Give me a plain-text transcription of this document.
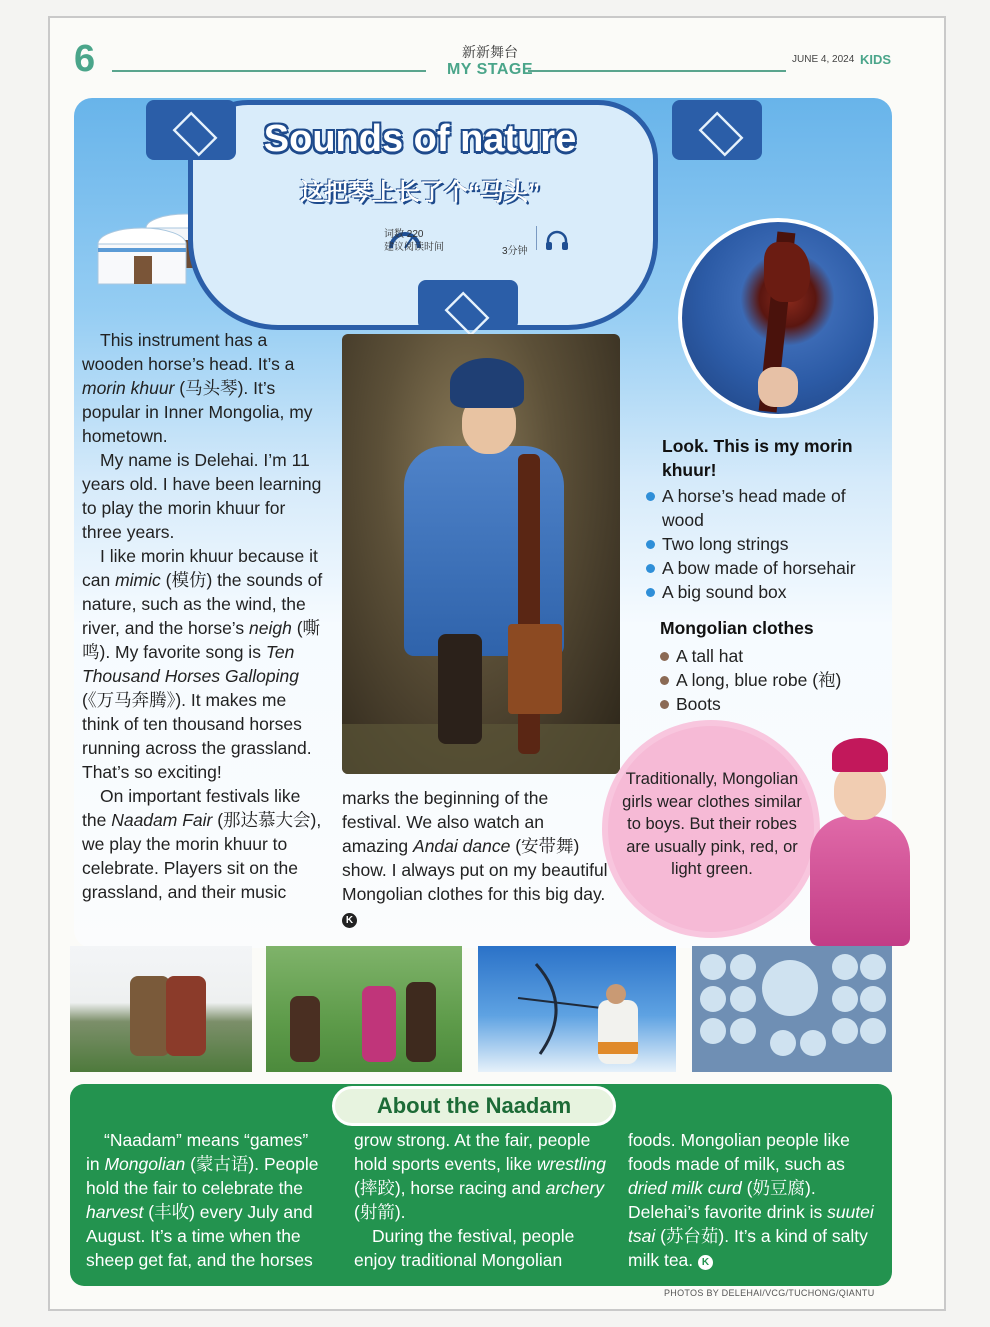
6	新新舞台
MY STAGE
JUNE 4, 2024 KIDS
Sounds of nature
这把琴上长了个“马头”
词数 220
建议阅读时间	3分钟

This instrument has a wooden horse’s head. It’s a morin khuur (马头琴). It’s popular in Inner Mongolia, my hometown.

My name is Delehai. I’m 11 years old. I have been learning to play the morin khuur for three years.

I like morin khuur because it can mimic (模仿) the sounds of nature, such as the wind, the river, and the horse’s neigh (嘶鸣). My favorite song is Ten Thousand Horses Galloping (《万马奔腾》). It makes me think of ten thousand horses running across the grassland. That’s so exciting!

On important festivals like the Naadam Fair (那达慕大会), we play the morin khuur to celebrate. Players sit on the grassland, and their music

marks the beginning of the festival. We also watch an amazing Andai dance (安带舞) show. I always put on my beautiful Mongolian clothes for this big day. K

Look. This is my morin khuur!
A horse’s head made of wood
Two long strings
A bow made of horsehair
A big sound box
Mongolian clothes
A tall hat
A long, blue robe (袍)
Boots
Traditionally, Mongolian girls wear clothes similar to boys. But their robes are usually pink, red, or light green.
About the Naadam

“Naadam” means “games” in Mongolian (蒙古语). People hold the fair to celebrate the harvest (丰收) every July and August. It’s a time when the sheep get fat, and the horses

grow strong. At the fair, people hold sports events, like wrestling (摔跤), horse racing and archery (射箭).

During the festival, people enjoy traditional Mongolian

foods. Mongolian people like foods made of milk, such as dried milk curd (奶豆腐). Delehai’s favorite drink is suutei tsai (苏台茹). It’s a kind of salty milk tea. K

PHOTOS BY DELEHAI/VCG/TUCHONG/QIANTU
